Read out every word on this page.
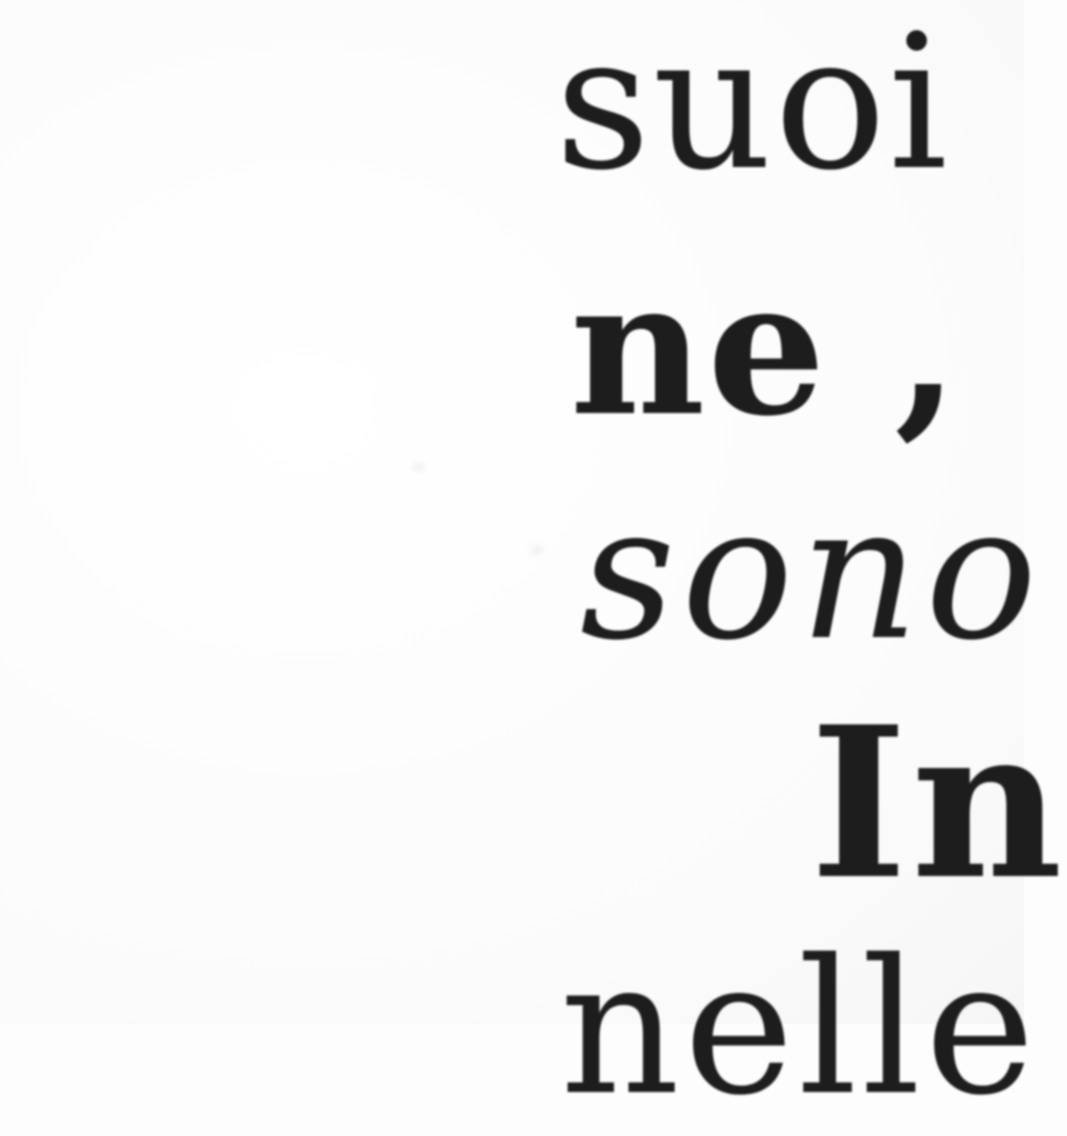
suoi
ne ,
sono
In
nelle
